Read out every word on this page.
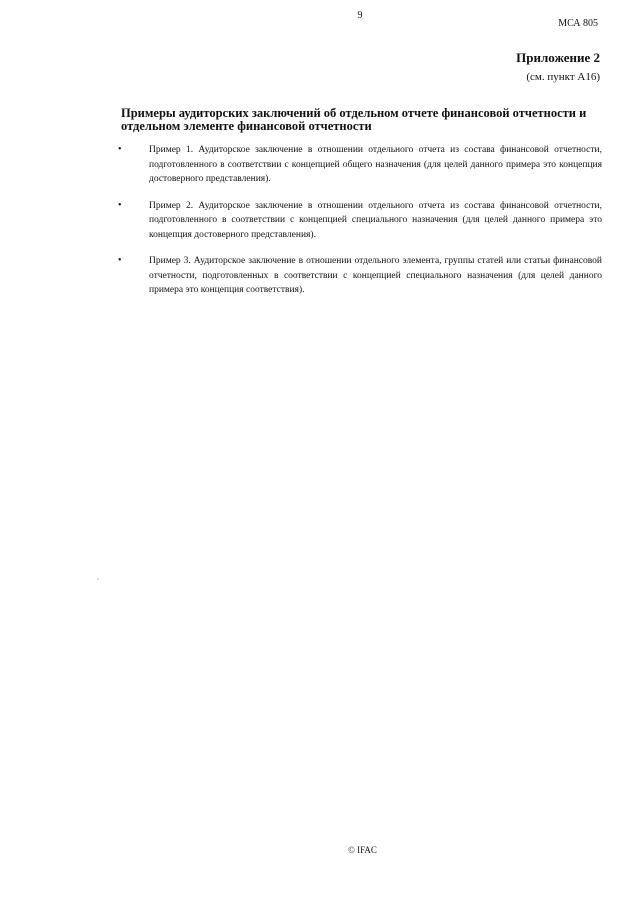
9
МСА 805
Приложение 2
(см. пункт А16)
Примеры аудиторских заключений об отдельном отчете финансовой отчетности и отдельном элементе финансовой отчетности
•	Пример 1. Аудиторское заключение в отношении отдельного отчета из состава финансовой отчетности, подготовленного в соответствии с концепцией общего назначения (для целей данного примера это концепция достоверного представления).
•	Пример 2. Аудиторское заключение в отношении отдельного отчета из состава финансовой отчетности, подготовленного в соответствии с концепцией специального назначения (для целей данного примера это концепция достоверного представления).
•	Пример 3. Аудиторское заключение в отношении отдельного элемента, группы статей или статьи финансовой отчетности, подготовленных в соответствии с концепцией специального назначения (для целей данного примера это концепция соответствия).
© IFAC
